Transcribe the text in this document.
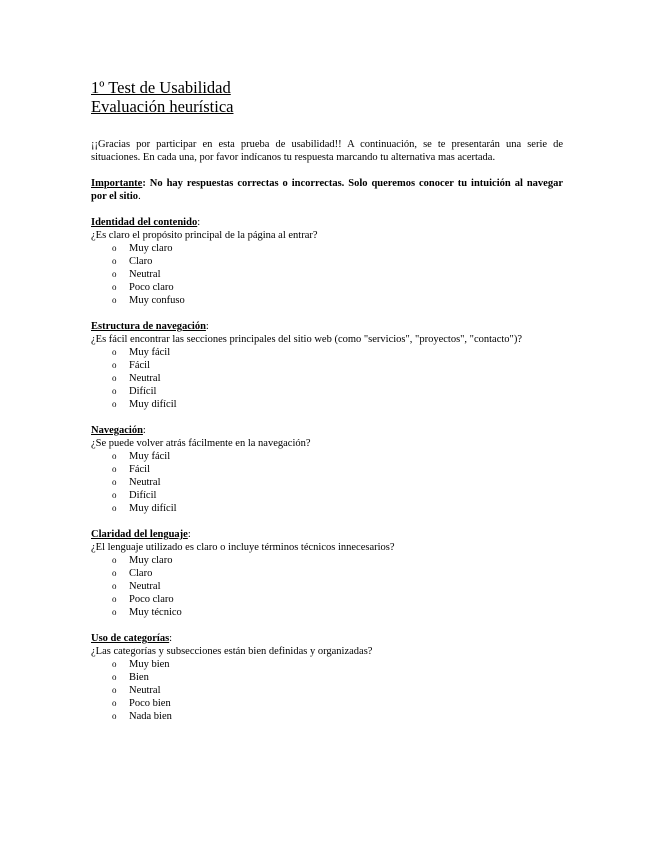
1º Test de Usabilidad
Evaluación heurística

¡¡Gracias por participar en esta prueba de usabilidad!! A continuación, se te presentarán una serie de situaciones. En cada una, por favor indícanos tu respuesta marcando tu alternativa mas acertada.

Importante: No hay respuestas correctas o incorrectas. Solo queremos conocer tu intuición al navegar por el sitio.

Identidad del contenido:
¿Es claro el propósito principal de la página al entrar?
o Muy claro
o Claro
o Neutral
o Poco claro
o Muy confuso
Estructura de navegación:
¿Es fácil encontrar las secciones principales del sitio web (como "servicios", "proyectos", "contacto")?
o Muy fácil
o Fácil
o Neutral
o Difícil
o Muy difícil
Navegación:
¿Se puede volver atrás fácilmente en la navegación?
o Muy fácil
o Fácil
o Neutral
o Difícil
o Muy difícil
Claridad del lenguaje:
¿El lenguaje utilizado es claro o incluye términos técnicos innecesarios?
o Muy claro
o Claro
o Neutral
o Poco claro
o Muy técnico
Uso de categorías:
¿Las categorías y subsecciones están bien definidas y organizadas?
o Muy bien
o Bien
o Neutral
o Poco bien
o Nada bien
